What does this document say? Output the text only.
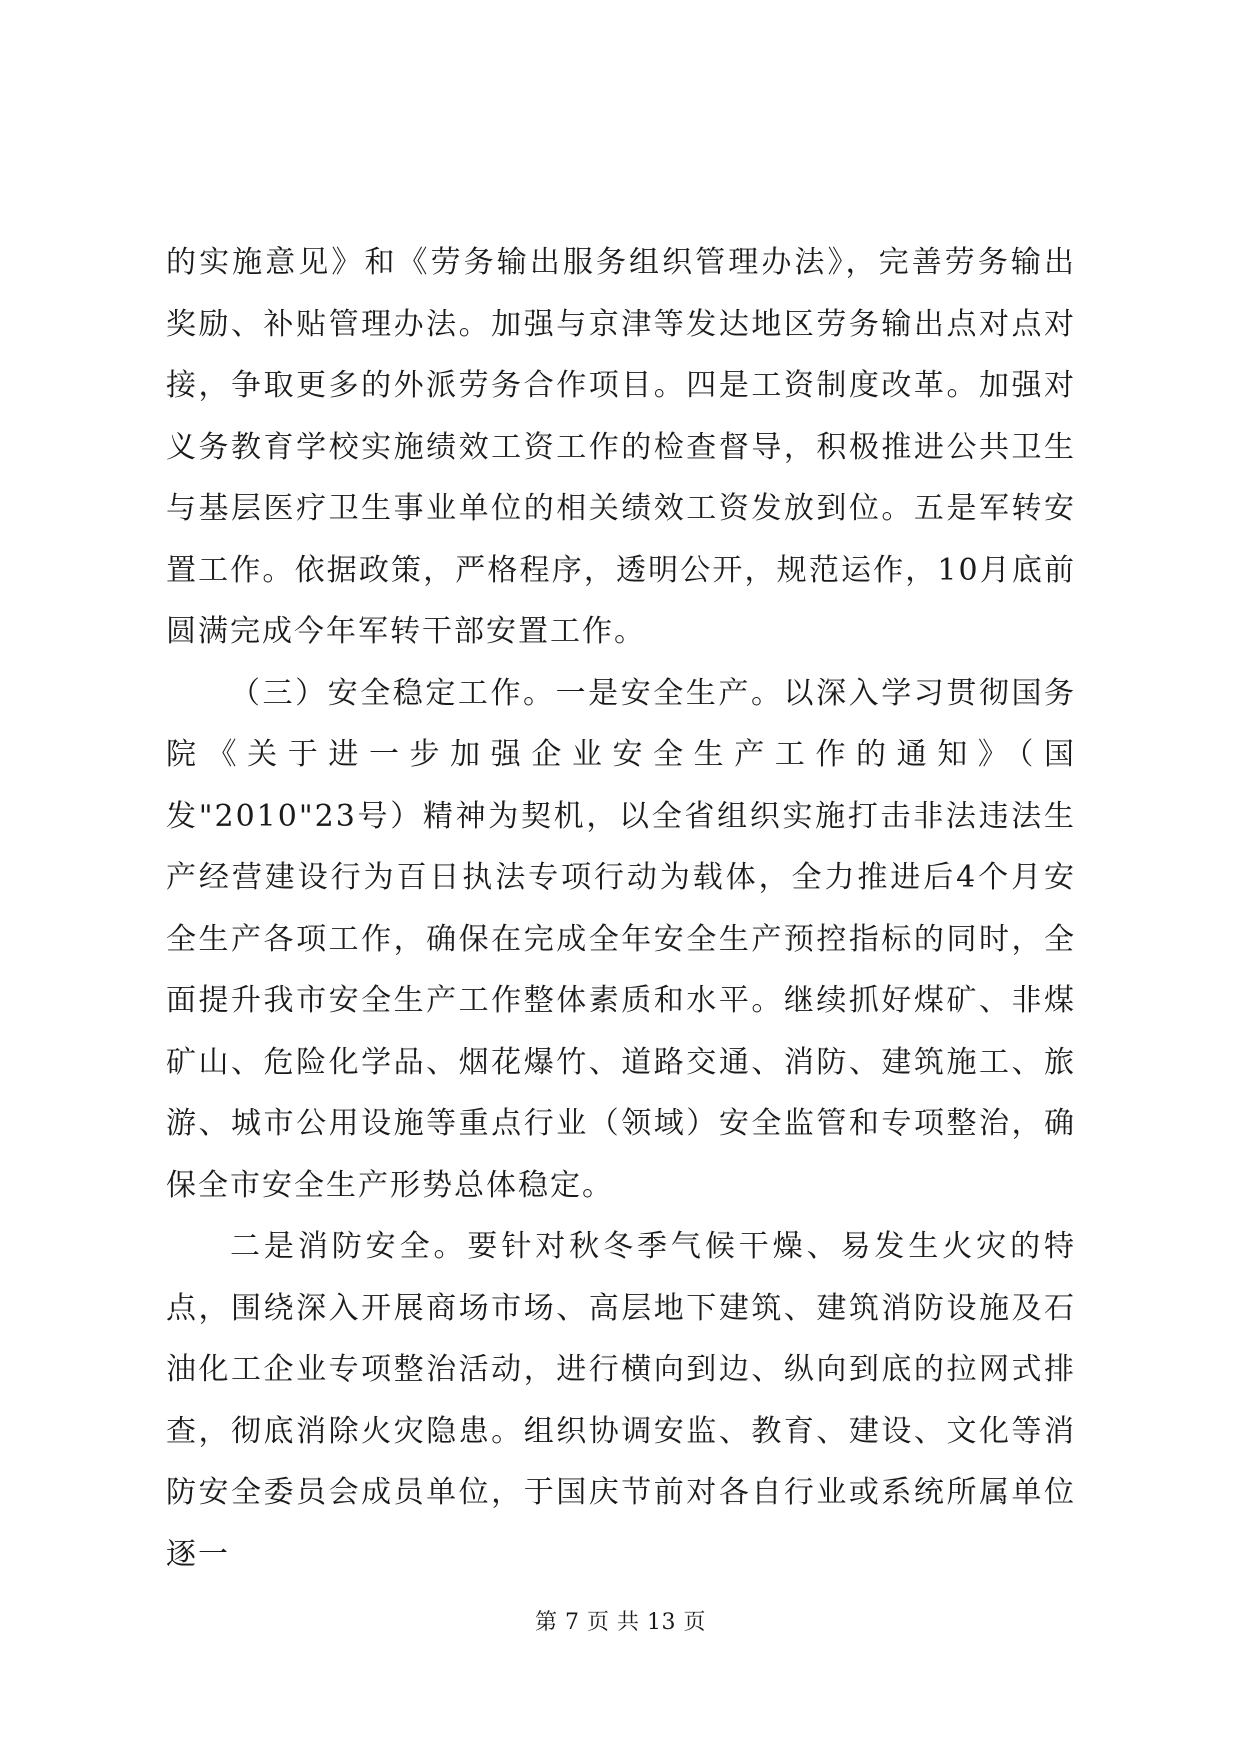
的实施意见》和《劳务输出服务组织管理办法》，完善劳务输出奖励、补贴管理办法。加强与京津等发达地区劳务输出点对点对接，争取更多的外派劳务合作项目。四是工资制度改革。加强对义务教育学校实施绩效工资工作的检查督导，积极推进公共卫生与基层医疗卫生事业单位的相关绩效工资发放到位。五是军转安置工作。依据政策，严格程序，透明公开，规范运作，10月底前圆满完成今年军转干部安置工作。

（三）安全稳定工作。一是安全生产。以深入学习贯彻国务院《关于进一步加强企业安全生产工作的通知》（国发"2010"23号）精神为契机，以全省组织实施打击非法违法生产经营建设行为百日执法专项行动为载体，全力推进后4个月安全生产各项工作，确保在完成全年安全生产预控指标的同时，全面提升我市安全生产工作整体素质和水平。继续抓好煤矿、非煤矿山、危险化学品、烟花爆竹、道路交通、消防、建筑施工、旅游、城市公用设施等重点行业（领域）安全监管和专项整治，确保全市安全生产形势总体稳定。

二是消防安全。要针对秋冬季气候干燥、易发生火灾的特点，围绕深入开展商场市场、高层地下建筑、建筑消防设施及石油化工企业专项整治活动，进行横向到边、纵向到底的拉网式排查，彻底消除火灾隐患。组织协调安监、教育、建设、文化等消防安全委员会成员单位，于国庆节前对各自行业或系统所属单位逐一

第 7 页 共 13 页
